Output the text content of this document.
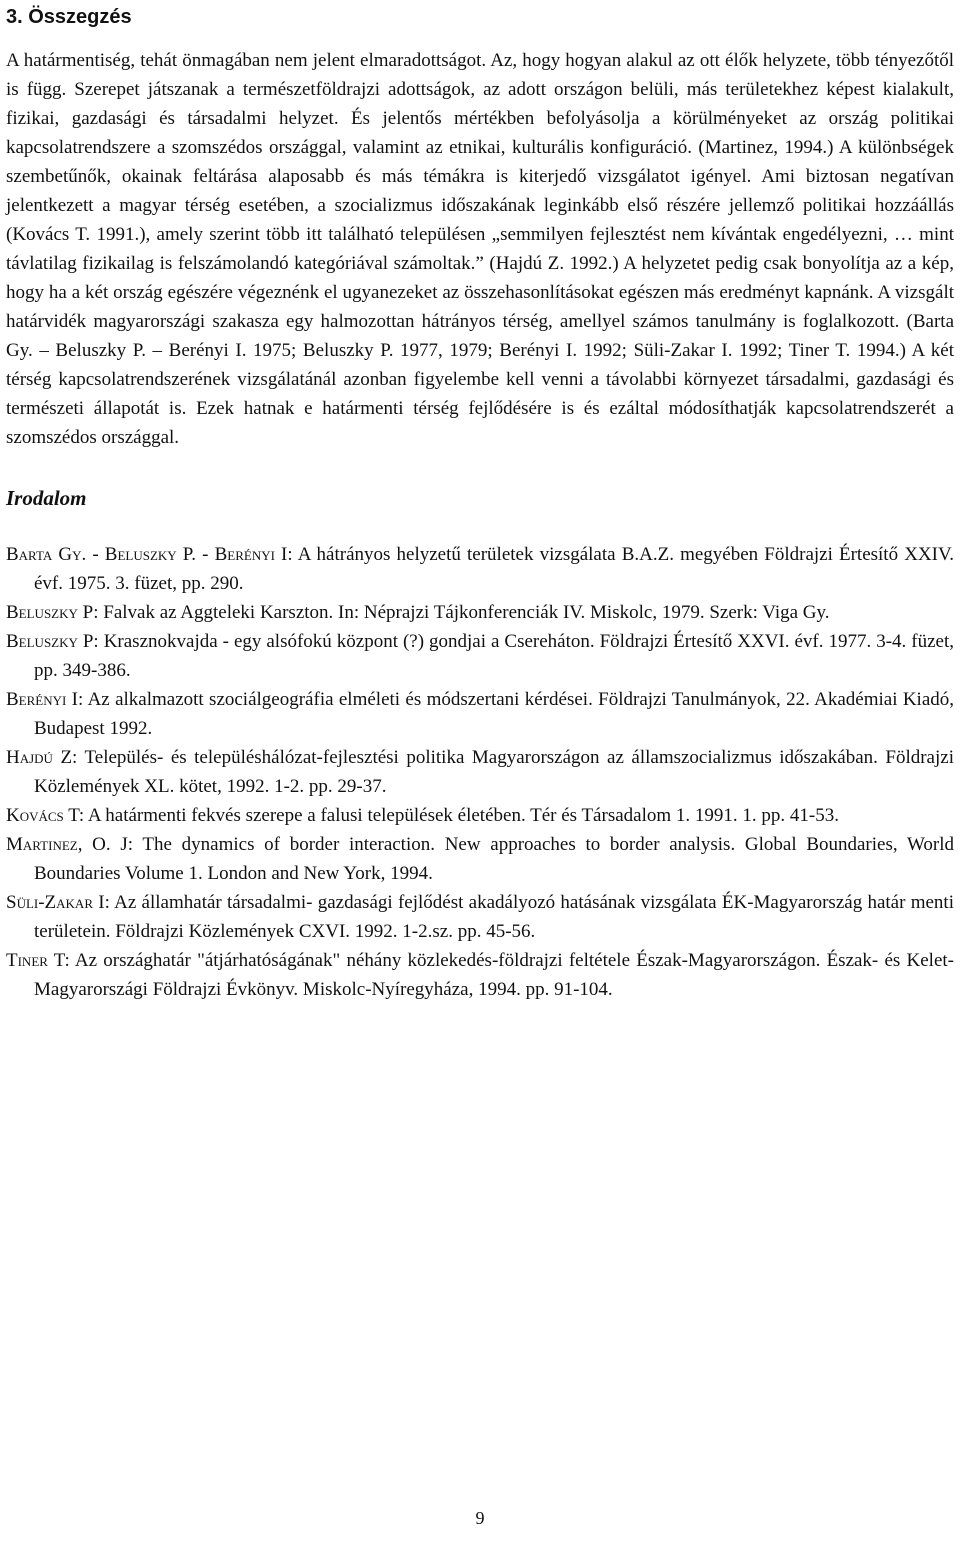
3. Összegzés

A határmentiség, tehát önmagában nem jelent elmaradottságot. Az, hogy hogyan alakul az ott élők helyzete, több tényezőtől is függ. Szerepet játszanak a természetföldrajzi adottságok, az adott országon belüli, más területekhez képest kialakult, fizikai, gazdasági és társadalmi helyzet. És jelentős mértékben befolyásolja a körülményeket az ország politikai kapcsolatrendszere a szomszédos országgal, valamint az etnikai, kulturális konfiguráció. (Martinez, 1994.) A különbségek szembetűnők, okainak feltárása alaposabb és más témákra is kiterjedő vizsgálatot igényel. Ami biztosan negatívan jelentkezett a magyar térség esetében, a szocializmus időszakának leginkább első részére jellemző politikai hozzáállás (Kovács T. 1991.), amely szerint több itt található településen „semmilyen fejlesztést nem kívántak engedélyezni, … mint távlatilag fizikailag is felszámolandó kategóriával számoltak.” (Hajdú Z. 1992.) A helyzetet pedig csak bonyolítja az a kép, hogy ha a két ország egészére végeznénk el ugyanezeket az összehasonlításokat egészen más eredményt kapnánk. A vizsgált határvidék magyarországi szakasza egy halmozottan hátrányos térség, amellyel számos tanulmány is foglalkozott. (Barta Gy. – Beluszky P. – Berényi I. 1975; Beluszky P. 1977, 1979; Berényi I. 1992; Süli-Zakar I. 1992; Tiner T. 1994.) A két térség kapcsolatrendszerének vizsgálatánál azonban figyelembe kell venni a távolabbi környezet társadalmi, gazdasági és természeti állapotát is. Ezek hatnak e határmenti térség fejlődésére is és ezáltal módosíthatják kapcsolatrendszerét a szomszédos országgal.

Irodalom
Barta Gy. - Beluszky P. - Berényi I: A hátrányos helyzetű területek vizsgálata B.A.Z. megyében Földrajzi Értesítő XXIV. évf. 1975. 3. füzet, pp. 290.
Beluszky P: Falvak az Aggteleki Karszton. In: Néprajzi Tájkonferenciák IV. Miskolc, 1979. Szerk: Viga Gy.
Beluszky P: Krasznokvajda - egy alsófokú központ (?) gondjai a Csereháton. Földrajzi Értesítő XXVI. évf. 1977. 3-4. füzet, pp. 349-386.
Berényi I: Az alkalmazott szociálgeográfia elméleti és módszertani kérdései. Földrajzi Tanulmányok, 22. Akadémiai Kiadó, Budapest 1992.
Hajdú Z: Település- és településhálózat-fejlesztési politika Magyarországon az államszocializmus időszakában. Földrajzi Közlemények XL. kötet, 1992. 1-2. pp. 29-37.
Kovács T: A határmenti fekvés szerepe a falusi települések életében. Tér és Társadalom 1. 1991. 1. pp. 41-53.
Martinez, O. J: The dynamics of border interaction. New approaches to border analysis. Global Boundaries, World Boundaries Volume 1. London and New York, 1994.
Süli-Zakar I: Az államhatár társadalmi- gazdasági fejlődést akadályozó hatásának vizsgálata ÉK-Magyarország határ menti területein. Földrajzi Közlemények CXVI. 1992. 1-2.sz. pp. 45-56.
Tiner T: Az országhatár "átjárhatóságának" néhány közlekedés-földrajzi feltétele Észak-Magyarországon. Észak- és Kelet-Magyarországi Földrajzi Évkönyv. Miskolc-Nyíregyháza, 1994. pp. 91-104.
9
